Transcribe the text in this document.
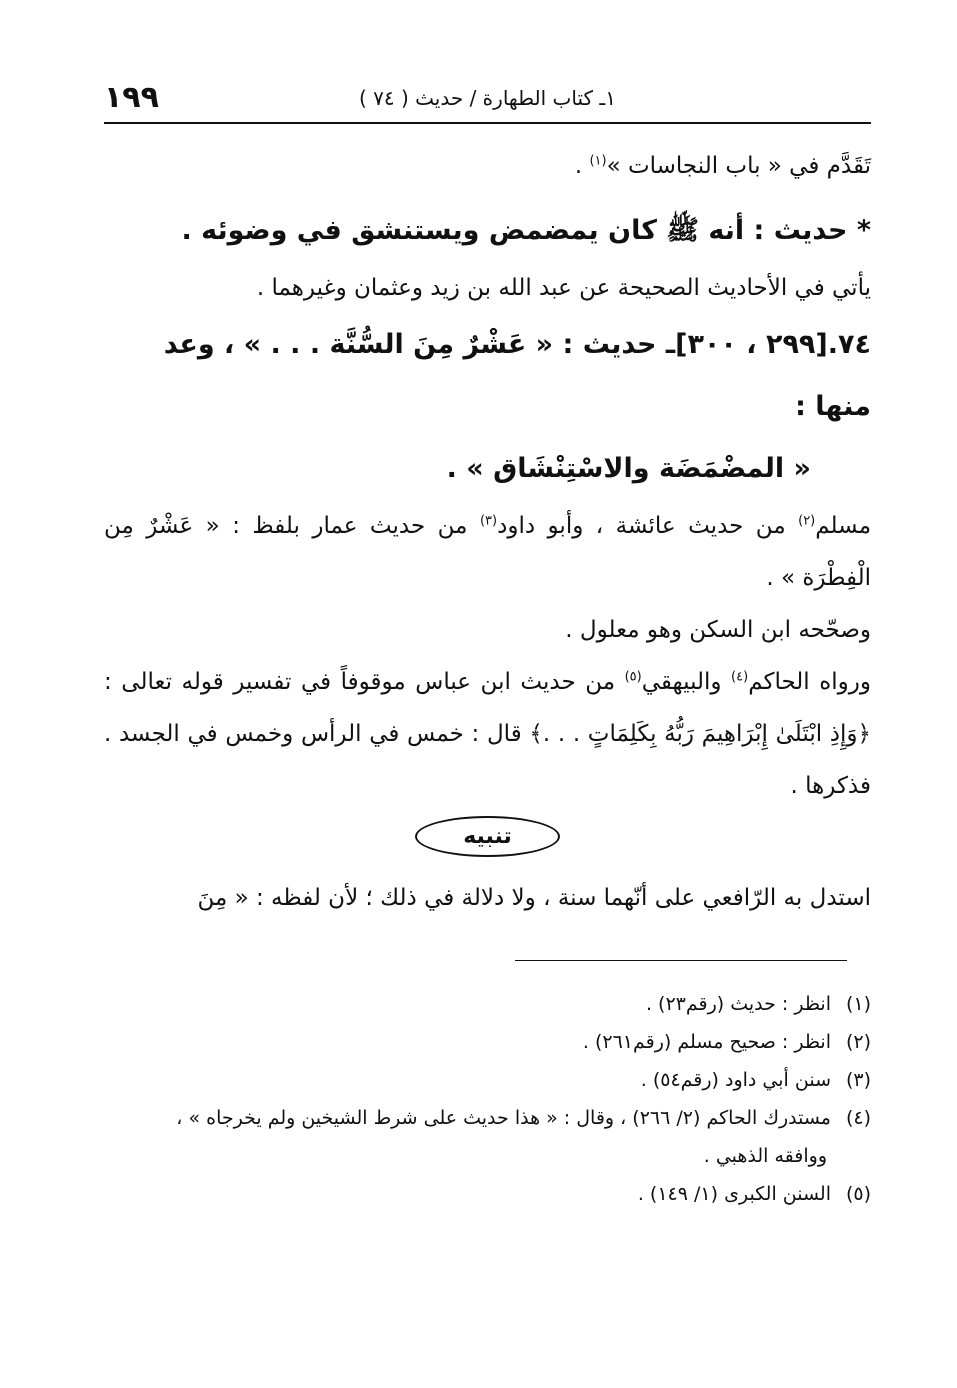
١٩٩	١ـ كتاب الطهارة / حديث ( ٧٤ )

تَقَدَّم في « باب النجاسات »$^{(١)}$ .

* حديث : أنه ﷺ كان يمضمض ويستنشق في وضوئه .

يأتي في الأحاديث الصحيحة عن عبد الله بن زيد وعثمان وغيرهما .

٧٤.[٢٩٩ ، ٣٠٠]ـ حديث : « عَشْرٌ مِنَ السُّنَّة . . . » ، وعد منها :

« المضْمَضَة والاسْتِنْشَاق » .

مسلم$^{(٢)}$ من حديث عائشة ، وأبو داود$^{(٣)}$ من حديث عمار بلفظ : « عَشْرٌ مِن الْفِطْرَة » .

وصحّحه ابن السكن وهو معلول .

ورواه الحاكم$^{(٤)}$ والبيهقي$^{(٥)}$ من حديث ابن عباس موقوفاً في تفسير قوله تعالى : ﴿وَإِذِ ابْتَلَىٰ إِبْرَاهِيمَ رَبُّهُ بِكَلِمَاتٍ . . .﴾ قال : خمس في الرأس وخمس في الجسد . فذكرها .

تنبيه

استدل به الرّافعي على أنّهما سنة ، ولا دلالة في ذلك ؛ لأن لفظه : « مِنَ

(١)انظر : حديث (رقم٢٣) .

(٢)انظر : صحيح مسلم (رقم٢٦١) .

(٣)سنن أبي داود (رقم٥٤) .

(٤)مستدرك الحاكم (٢/ ٢٦٦) ، وقال : « هذا حديث على شرط الشيخين ولم يخرجاه » ،

ووافقه الذهبي .

(٥)السنن الكبرى (١/ ١٤٩) .
